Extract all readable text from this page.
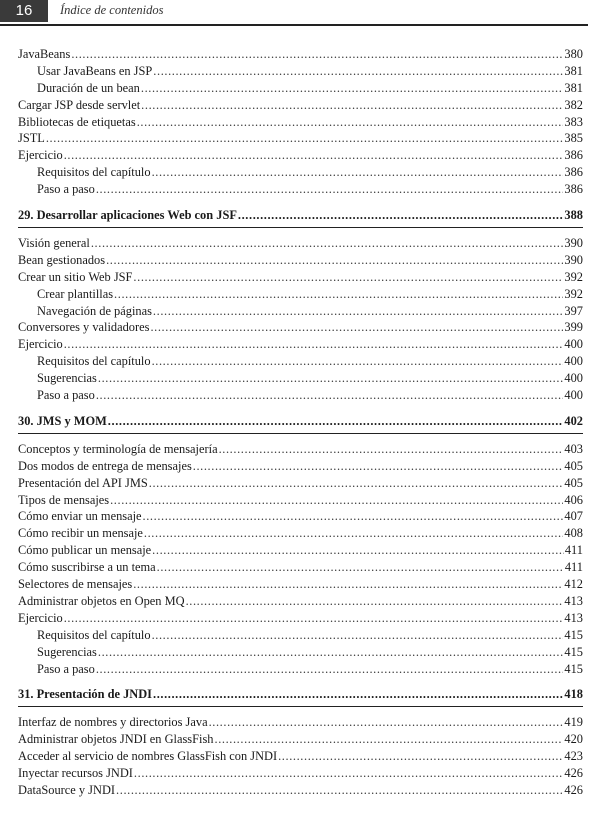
16	Índice de contenidos
JavaBeans .....	380
Usar JavaBeans en JSP .....	381
Duración de un bean .....	381
Cargar JSP desde servlet .....	382
Bibliotecas de etiquetas .....	383
JSTL .....	385
Ejercicio .....	386
Requisitos del capítulo .....	386
Paso a paso .....	386
29. Desarrollar aplicaciones Web con JSF .....	388
Visión general .....	390
Bean gestionados .....	390
Crear un sitio Web JSF .....	392
Crear plantillas .....	392
Navegación de páginas .....	397
Conversores y validadores .....	399
Ejercicio .....	400
Requisitos del capítulo .....	400
Sugerencias .....	400
Paso a paso .....	400
30. JMS y MOM .....	402
Conceptos y terminología de mensajería .....	403
Dos modos de entrega de mensajes .....	405
Presentación del API JMS .....	405
Tipos de mensajes .....	406
Cómo enviar un mensaje .....	407
Cómo recibir un mensaje .....	408
Cómo publicar un mensaje .....	411
Cómo suscribirse a un tema .....	411
Selectores de mensajes .....	412
Administrar objetos en Open MQ .....	413
Ejercicio .....	413
Requisitos del capítulo .....	415
Sugerencias .....	415
Paso a paso .....	415
31. Presentación de JNDI .....	418
Interfaz de nombres y directorios Java .....	419
Administrar objetos JNDI en GlassFish .....	420
Acceder al servicio de nombres GlassFish con JNDI .....	423
Inyectar recursos JNDI .....	426
DataSource y JNDI .....	426
